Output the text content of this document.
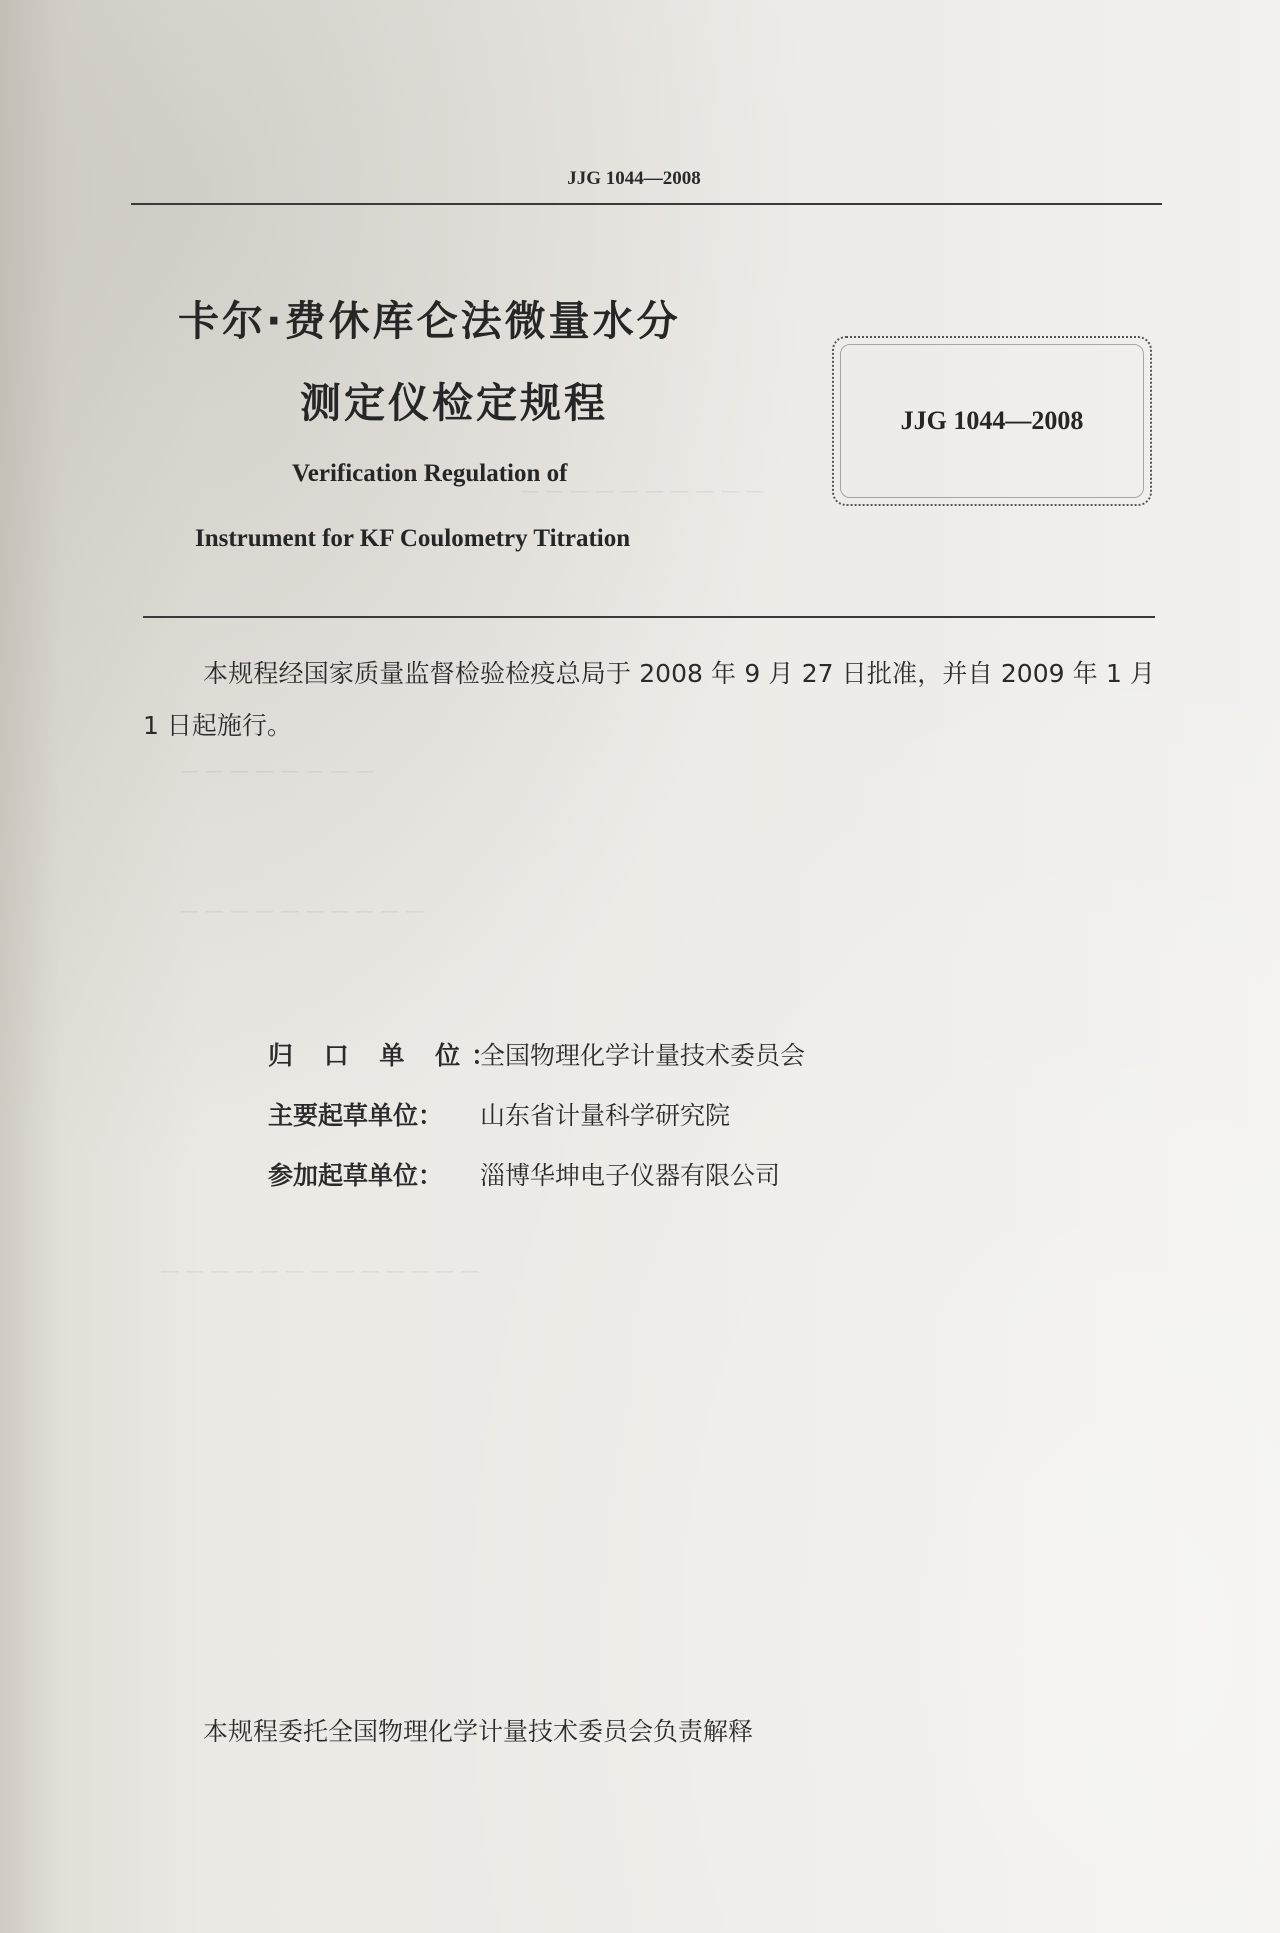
— — — — — — — — — —
— — — — — — — —
— — — — — — — — — —
— — — — — — — — — — — — —
JJG 1044—2008
卡尔·费休库仑法微量水分
测定仪检定规程
Verification Regulation of
Instrument for KF Coulometry Titration
JJG 1044—2008
本规程经国家质量监督检验检疫总局于 2008 年 9 月 27 日批准，并自 2009 年 1 月 1 日起施行。
归 口 单 位：全国物理化学计量技术委员会
主要起草单位： 山东省计量科学研究院
参加起草单位： 淄博华坤电子仪器有限公司
本规程委托全国物理化学计量技术委员会负责解释
